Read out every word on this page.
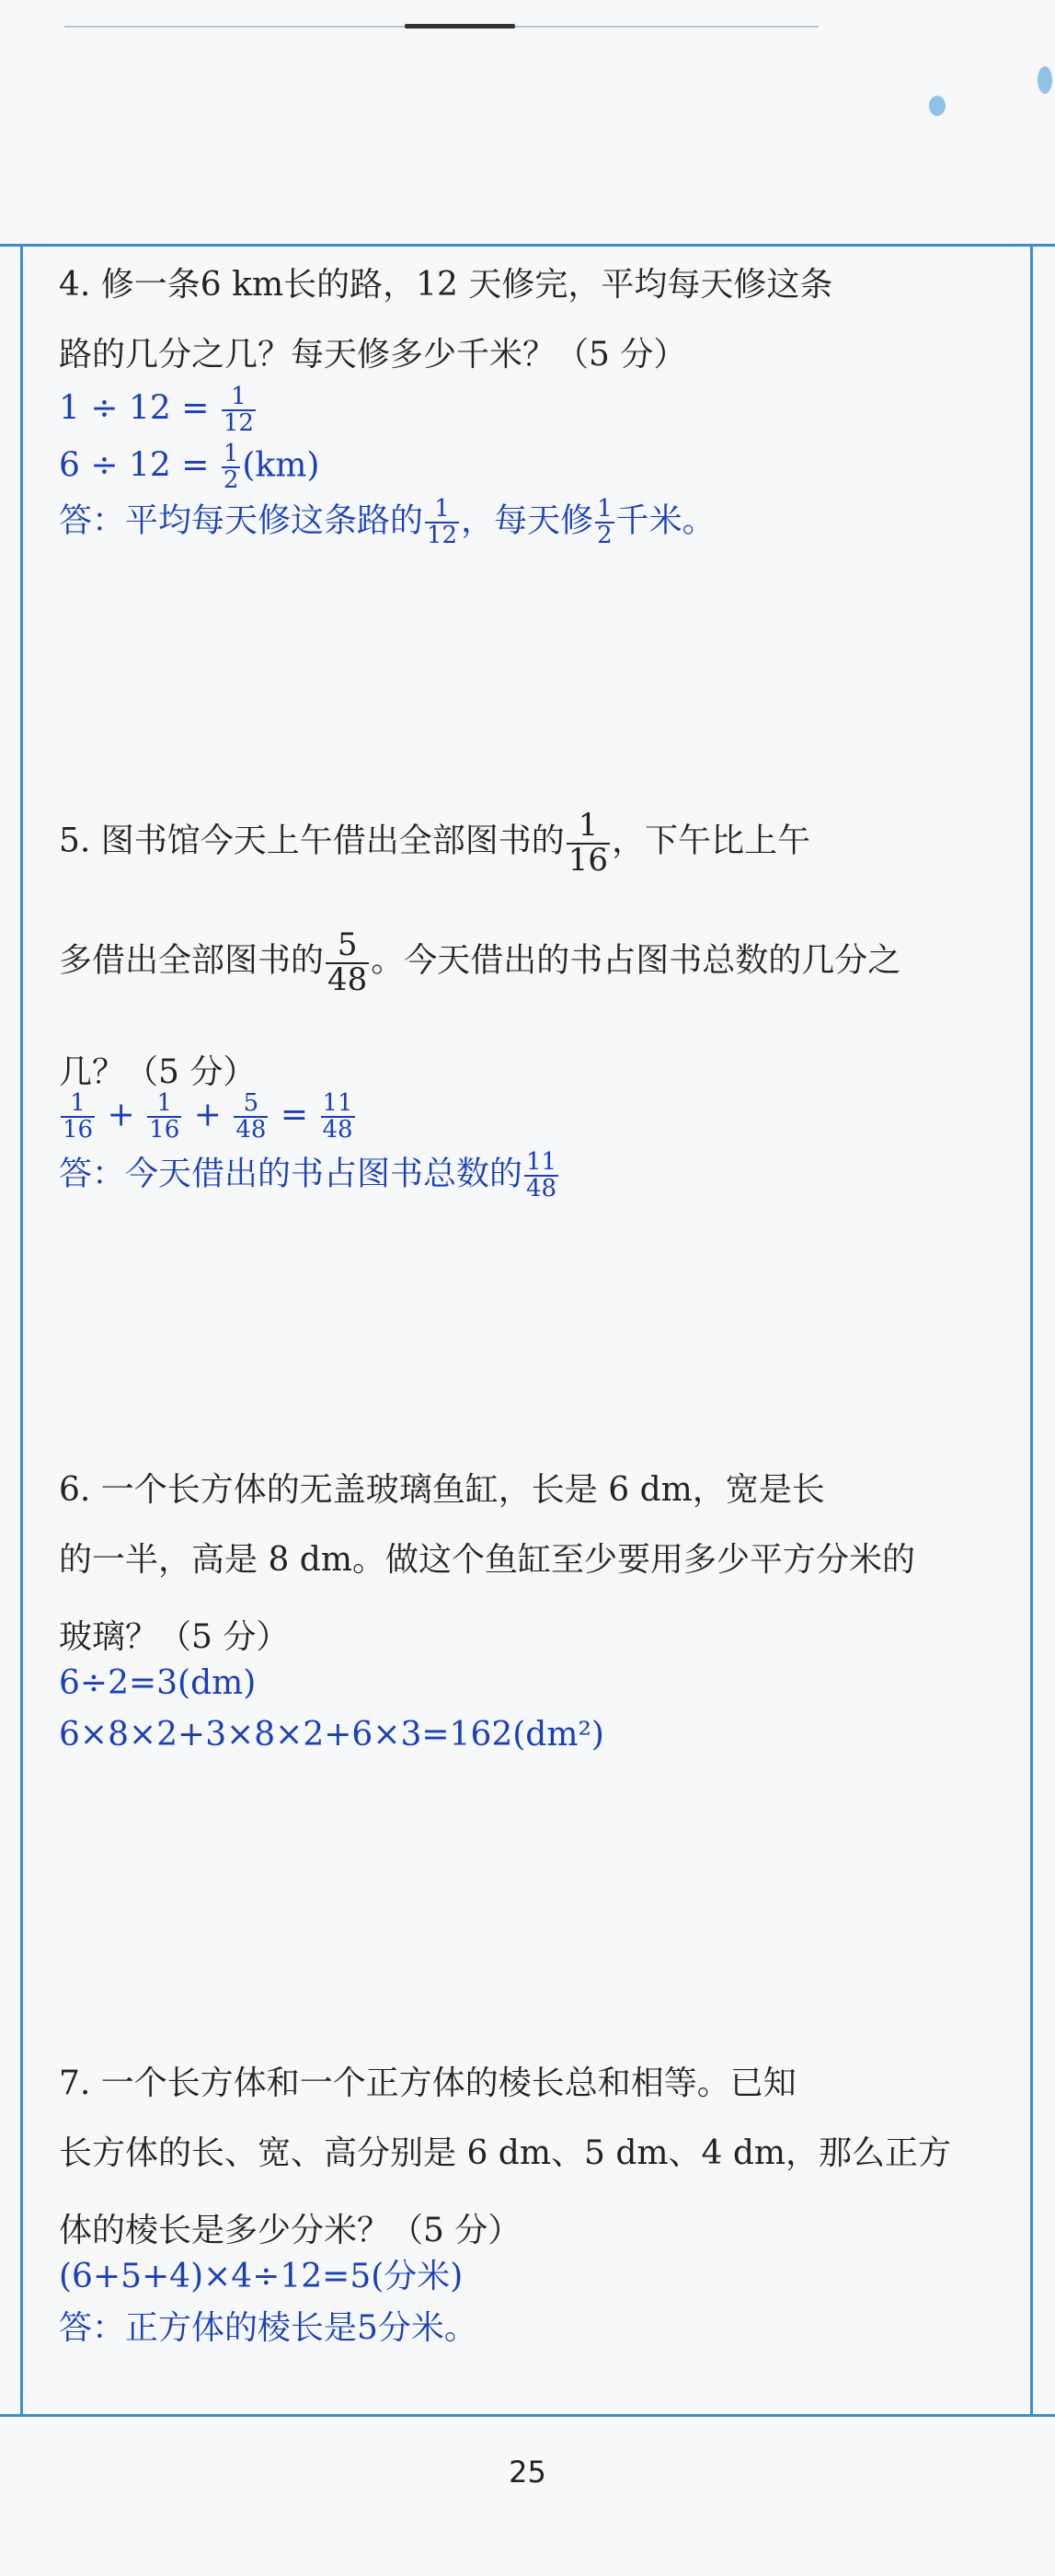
4. 修一条6 km长的路，12 天修完，平均每天修这条
路的几分之几？每天修多少千米？（5 分）
$1 \div 12 = \frac{1}{12}$
$6 \div 12 = \frac{1}{2} (km)$
答：平均每天修这条路的 $\frac{1}{12}$ ，每天修 $\frac{1}{2}$ 千米。
5. 图书馆今天上午借出全部图书的 $\frac{1}{16}$ ，下午比上午
多借出全部图书的 $\frac{5}{48}$ 。今天借出的书占图书总数的几分之
几？（5 分）
$\frac{1}{16} + \frac{1}{16} + \frac{5}{48} = \frac{11}{48}$
答：今天借出的书占图书总数的 $\frac{11}{48}$
6. 一个长方体的无盖玻璃鱼缸，长是 6 dm，宽是长
的一半，高是 8 dm。做这个鱼缸至少要用多少平方分米的
玻璃？（5 分）
6÷2=3(dm)
6×8×2+3×8×2+6×3=162(dm²)
7. 一个长方体和一个正方体的棱长总和相等。已知
长方体的长、宽、高分别是 6 dm、5 dm、4 dm，那么正方
体的棱长是多少分米？（5 分）
(6+5+4)×4÷12=5(分米)
答：正方体的棱长是5分米。
25
